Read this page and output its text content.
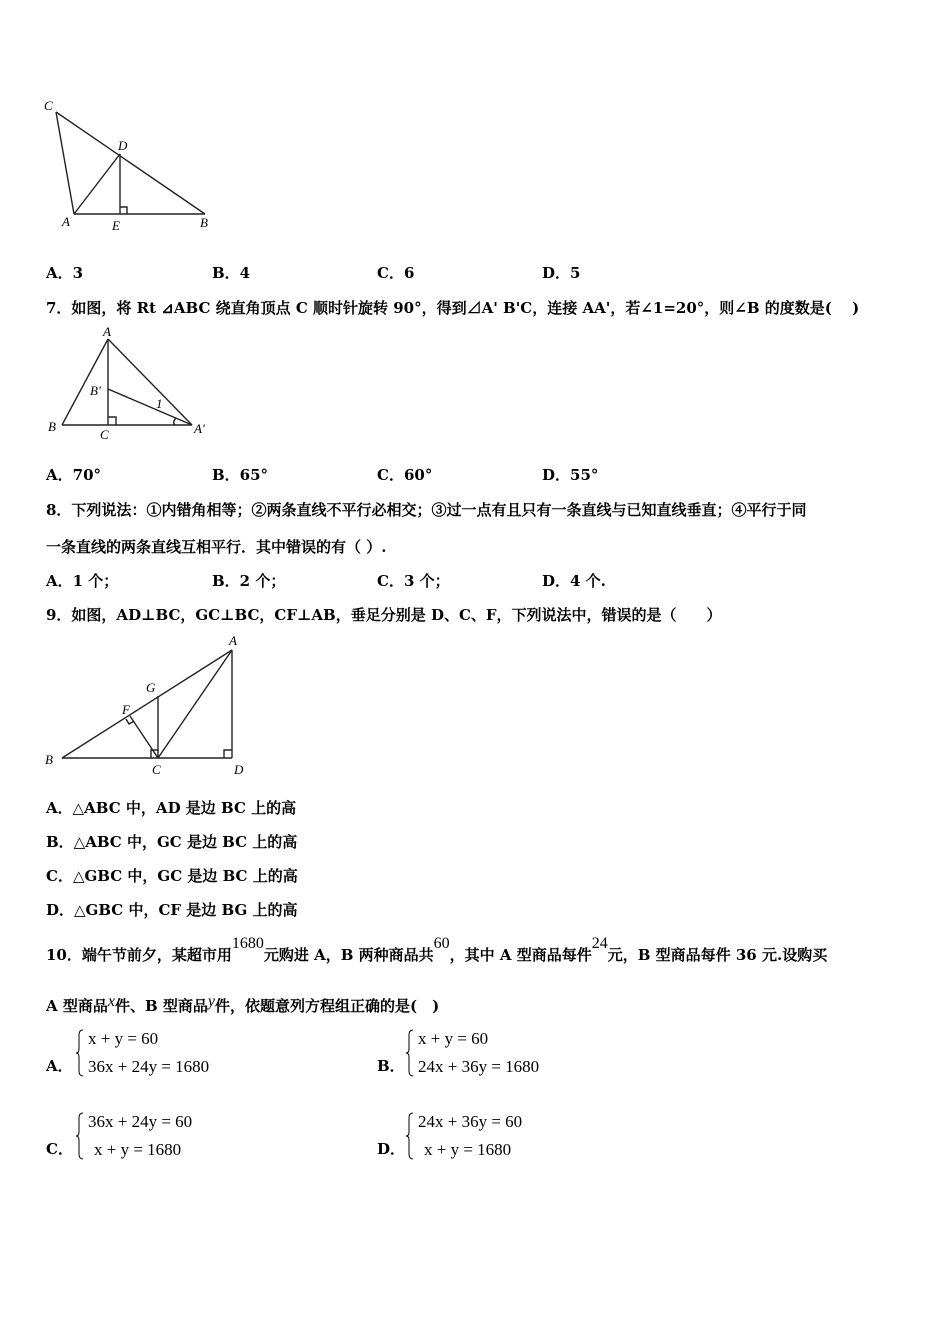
C
D
A	E	B
A．3	B．4	C．6	D．5
7．如图，将 Rt ⊿ABC 绕直角顶点 C 顺时针旋转 90°，得到⊿A' B'C，连接 AA'，若∠1=20°，则∠B 的度数是(　 )
A
B'
1
B
C	A'
A．70°	B．65°	C．60°	D．55°
8．下列说法：①内错角相等；②两条直线不平行必相交；③过一点有且只有一条直线与已知直线垂直；④平行于同
一条直线的两条直线互相平行．其中错误的有（ ）.
A．1 个；	B．2 个；	C．3 个；	D．4 个.
9．如图，AD⊥BC，GC⊥BC，CF⊥AB，垂足分别是 D、C、F，下列说法中，错误的是（　　）
A
G
F
B
C	D
A．△ABC 中，AD 是边 BC 上的高
B．△ABC 中，GC 是边 BC 上的高
C．△GBC 中，GC 是边 BC 上的高
D．△GBC 中，CF 是边 BG 上的高
10．端午节前夕，某超市用1680元购进 A，B 两种商品共60，其中 A 型商品每件24元，B 型商品每件 36 元.设购买
A 型商品x件、B 型商品y件，依题意列方程组正确的是(　)
A．
x + y = 60
36x + 24y = 1680	B．
x + y = 60
24x + 36y = 1680
C．
36x + 24y = 60
x + y = 1680	D．
24x + 36y = 60
x + y = 1680
